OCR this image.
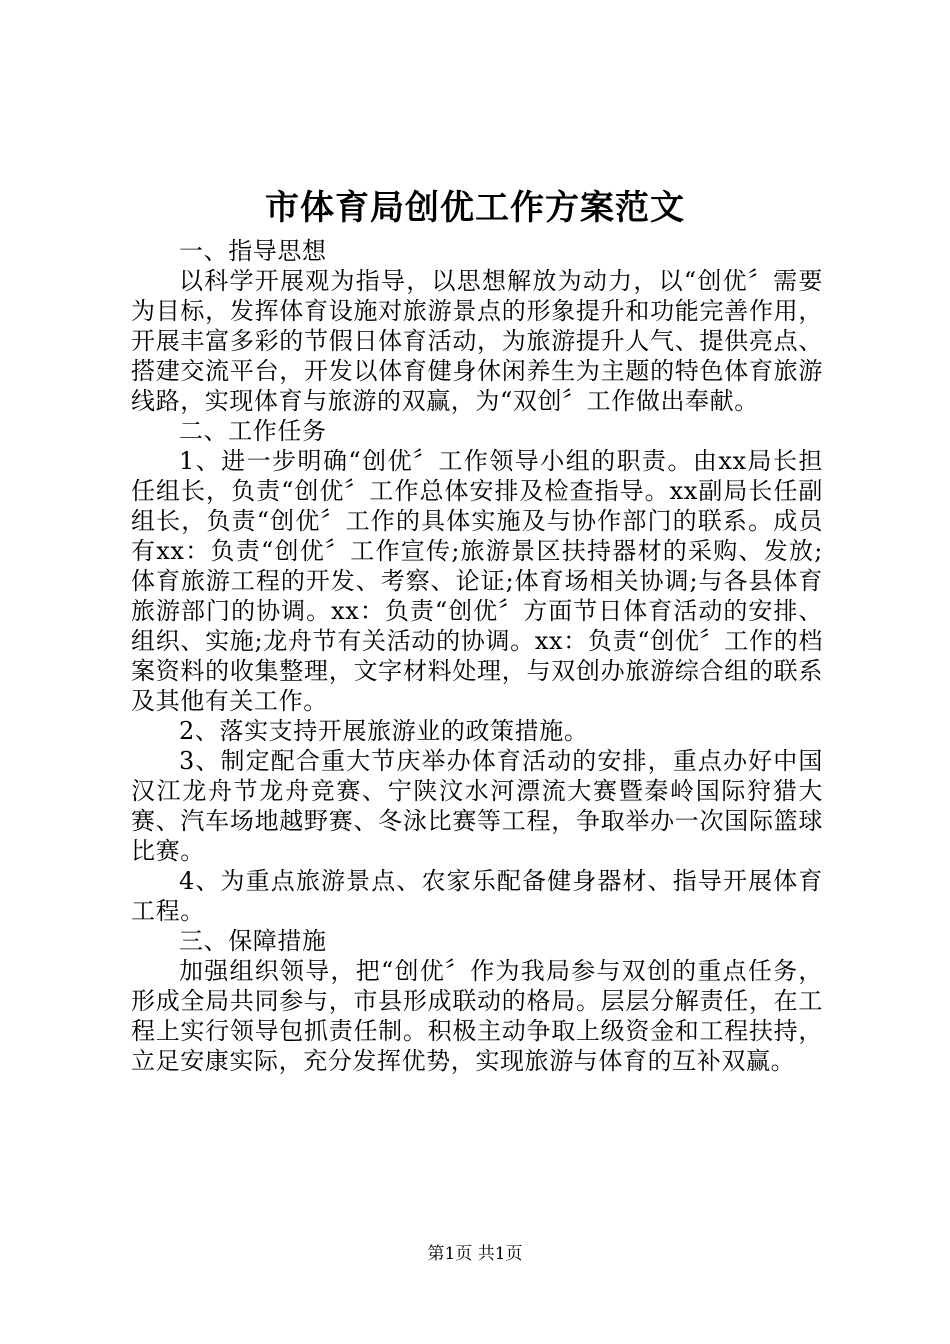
市体育局创优工作方案范文

一、指导思想

以科学开展观为指导，以思想解放为动力，以“创优〞需要为目标，发挥体育设施对旅游景点的形象提升和功能完善作用，开展丰富多彩的节假日体育活动，为旅游提升人气、提供亮点、搭建交流平台，开发以体育健身休闲养生为主题的特色体育旅游线路，实现体育与旅游的双赢，为“双创〞工作做出奉献。

二、工作任务

1、进一步明确“创优〞工作领导小组的职责。由xx局长担任组长，负责“创优〞工作总体安排及检查指导。xx副局长任副组长，负责“创优〞工作的具体实施及与协作部门的联系。成员有xx：负责“创优〞工作宣传;旅游景区扶持器材的采购、发放;体育旅游工程的开发、考察、论证;体育场相关协调;与各县体育旅游部门的协调。xx：负责“创优〞方面节日体育活动的安排、组织、实施;龙舟节有关活动的协调。xx：负责“创优〞工作的档案资料的收集整理，文字材料处理，与双创办旅游综合组的联系及其他有关工作。

2、落实支持开展旅游业的政策措施。

3、制定配合重大节庆举办体育活动的安排，重点办好中国汉江龙舟节龙舟竞赛、宁陕汶水河漂流大赛暨秦岭国际狩猎大赛、汽车场地越野赛、冬泳比赛等工程，争取举办一次国际篮球比赛。

4、为重点旅游景点、农家乐配备健身器材、指导开展体育工程。

三、保障措施

加强组织领导，把“创优〞作为我局参与双创的重点任务，形成全局共同参与，市县形成联动的格局。层层分解责任，在工程上实行领导包抓责任制。积极主动争取上级资金和工程扶持，立足安康实际，充分发挥优势，实现旅游与体育的互补双赢。

第1页 共1页
